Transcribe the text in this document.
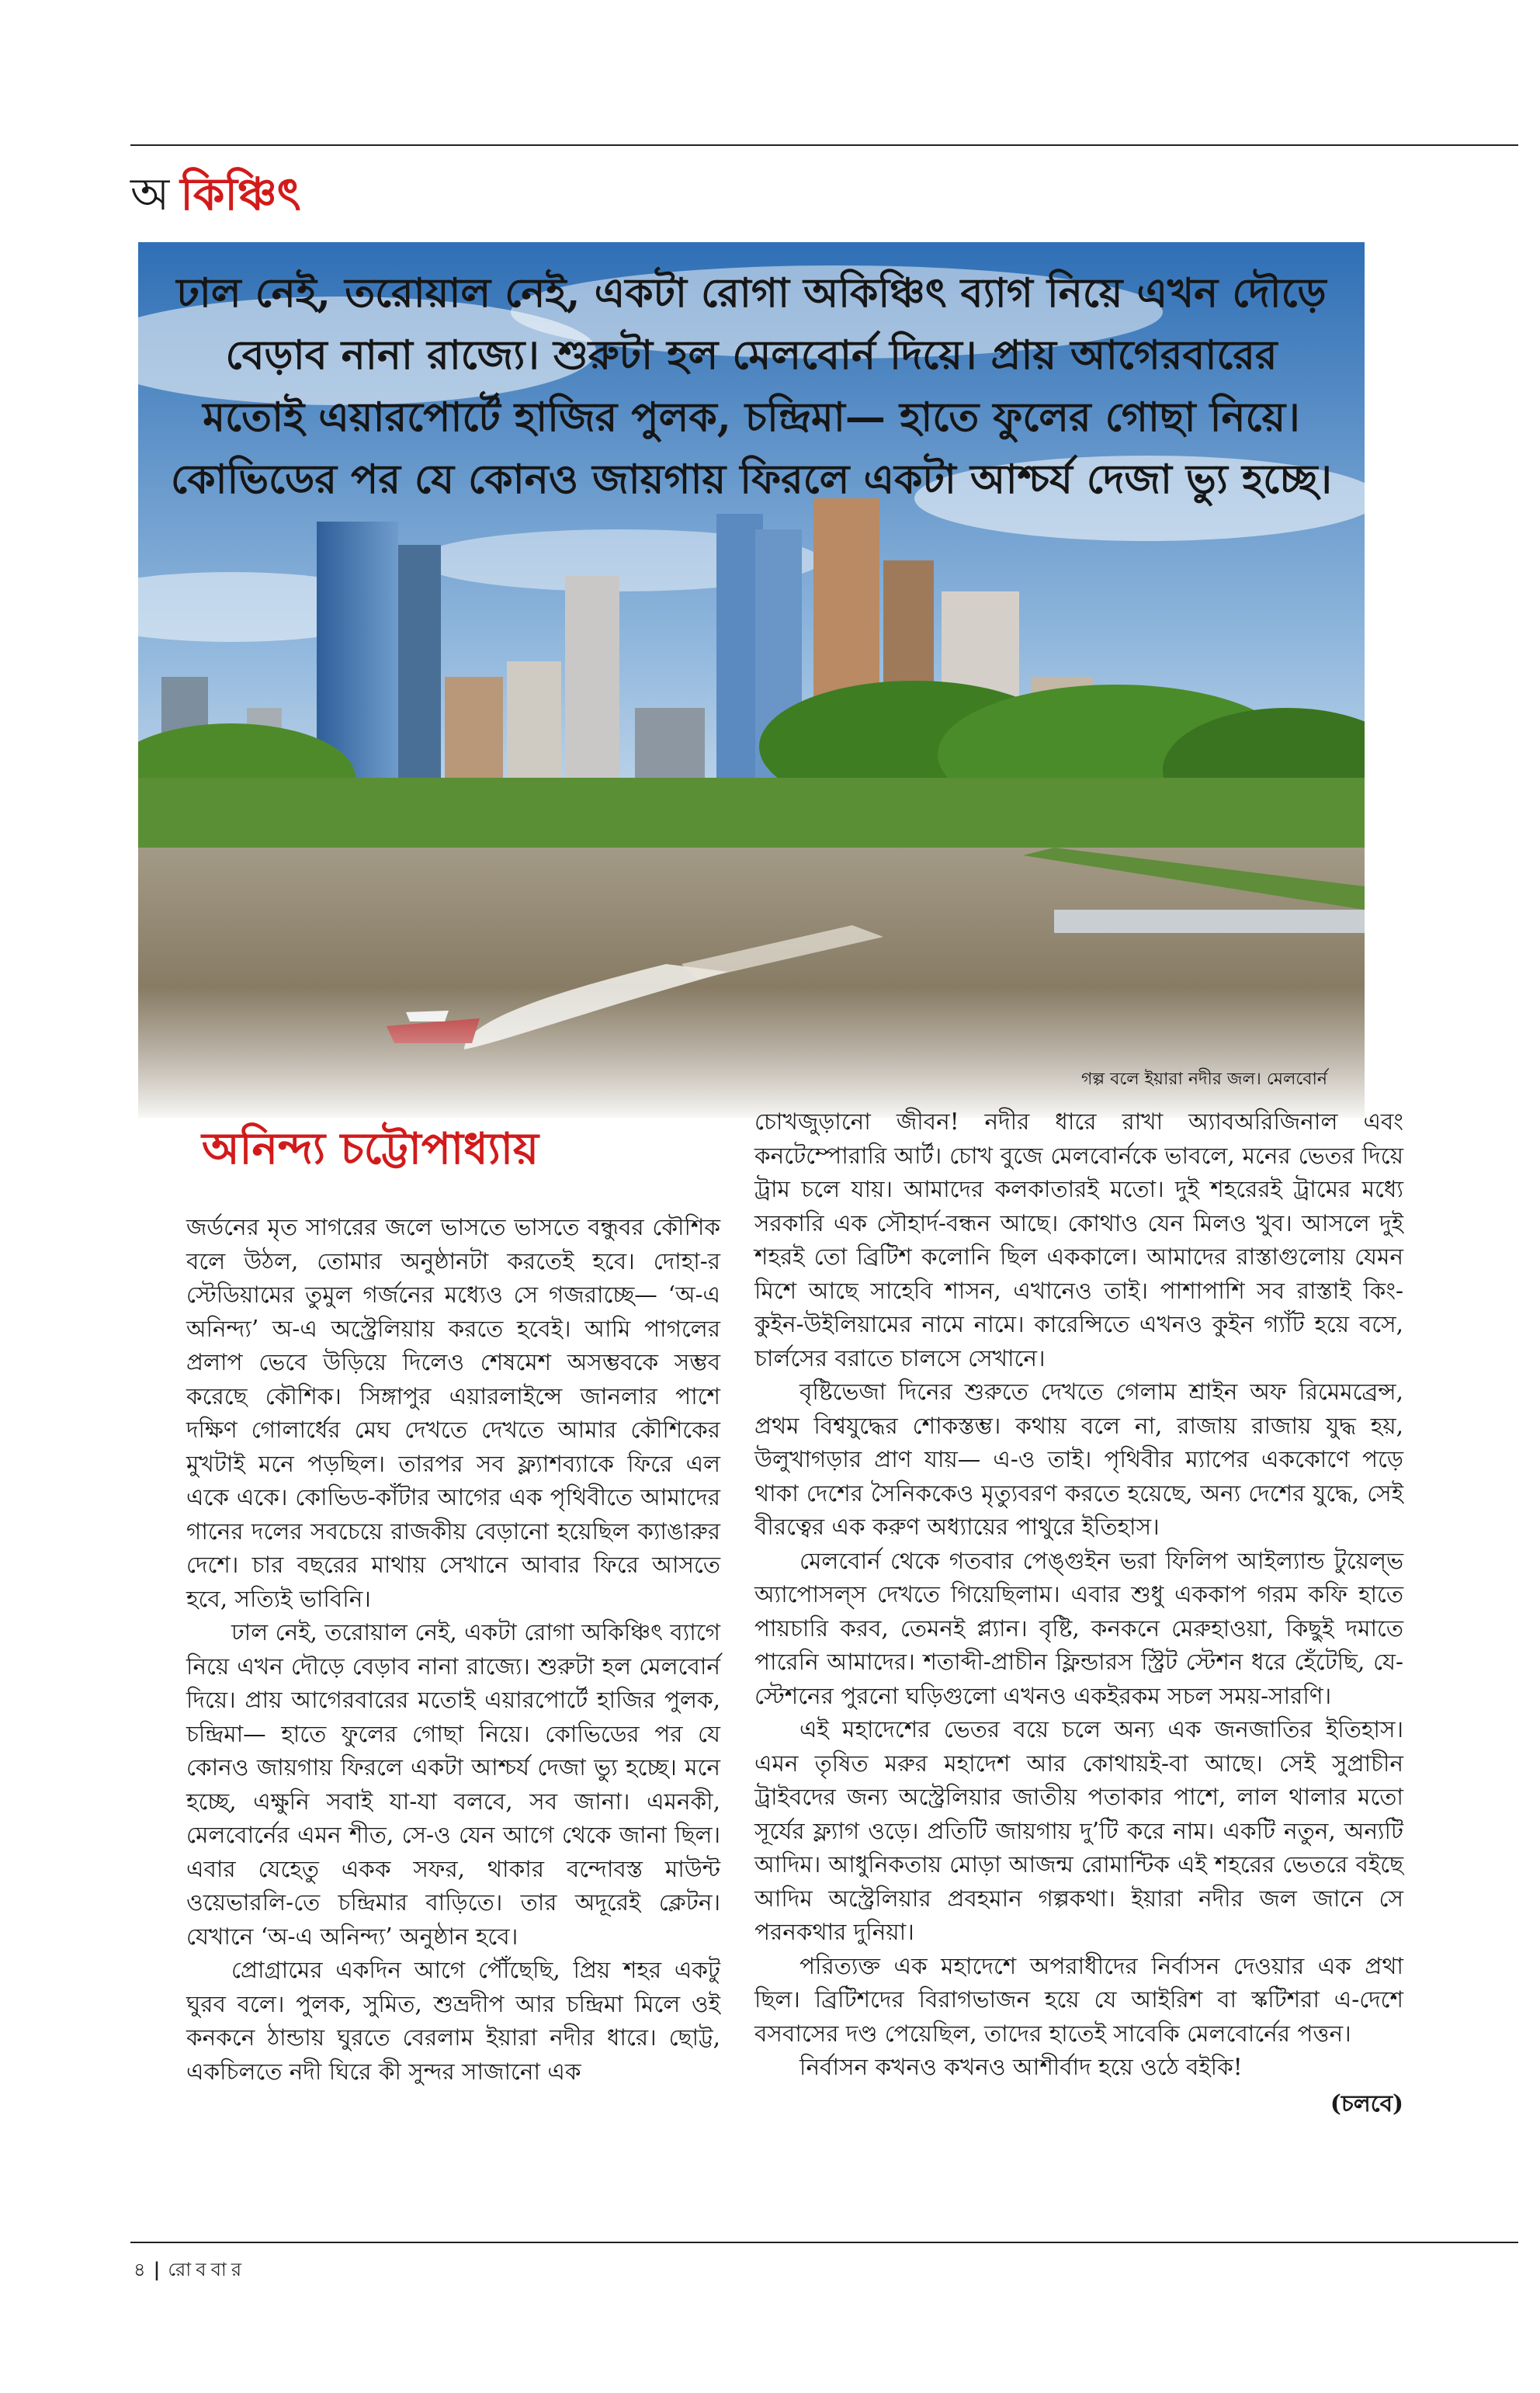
অ কিঞ্চিৎ

ঢাল নেই, তরোয়াল নেই, একটা রোগা অকিঞ্চিৎ ব্যাগ নিয়ে এখন দৌড়ে বেড়াব নানা রাজ্যে। শুরুটা হল মেলবোর্ন দিয়ে। প্রায় আগেরবারের মতোই এয়ারপোর্টে হাজির পুলক, চন্দ্রিমা— হাতে ফুলের গোছা নিয়ে। কোভিডের পর যে কোনও জায়গায় ফিরলে একটা আশ্চর্য দেজা ভ্যু হচ্ছে।

গল্প বলে ইয়ারা নদীর জল। মেলবোর্ন
অনিন্দ্য চট্টোপাধ্যায়

জর্ডনের মৃত সাগরের জলে ভাসতে ভাসতে বন্ধুবর কৌশিক বলে উঠল, তোমার অনুষ্ঠানটা করতেই হবে। দোহা-র স্টেডিয়ামের তুমুল গর্জনের মধ্যেও সে গজরাচ্ছে— ‘অ-এ অনিন্দ্য’ অ-এ অস্ট্রেলিয়ায় করতে হবেই। আমি পাগলের প্রলাপ ভেবে উড়িয়ে দিলেও শেষমেশ অসম্ভবকে সম্ভব করেছে কৌশিক। সিঙ্গাপুর এয়ারলাইন্সে জানলার পাশে দক্ষিণ গোলার্ধের মেঘ দেখতে দেখতে আমার কৌশিকের মুখটাই মনে পড়ছিল। তারপর সব ফ্ল্যাশব্যাকে ফিরে এল একে একে। কোভিড-কাঁটার আগের এক পৃথিবীতে আমাদের গানের দলের সবচেয়ে রাজকীয় বেড়ানো হয়েছিল ক্যাঙারুর দেশে। চার বছরের মাথায় সেখানে আবার ফিরে আসতে হবে, সত্যিই ভাবিনি।

ঢাল নেই, তরোয়াল নেই, একটা রোগা অকিঞ্চিৎ ব্যাগে নিয়ে এখন দৌড়ে বেড়াব নানা রাজ্যে। শুরুটা হল মেলবোর্ন দিয়ে। প্রায় আগেরবারের মতোই এয়ারপোর্টে হাজির পুলক, চন্দ্রিমা— হাতে ফুলের গোছা নিয়ে। কোভিডের পর যে কোনও জায়গায় ফিরলে একটা আশ্চর্য দেজা ভ্যু হচ্ছে। মনে হচ্ছে, এক্ষুনি সবাই যা-যা বলবে, সব জানা। এমনকী, মেলবোর্নের এমন শীত, সে-ও যেন আগে থেকে জানা ছিল। এবার যেহেতু একক সফর, থাকার বন্দোবস্ত মাউন্ট ওয়েভারলি-তে চন্দ্রিমার বাড়িতে। তার অদূরেই ক্লেটন। যেখানে ‘অ-এ অনিন্দ্য’ অনুষ্ঠান হবে।

প্রোগ্রামের একদিন আগে পৌঁছেছি, প্রিয় শহর একটু ঘুরব বলে। পুলক, সুমিত, শুভ্রদীপ আর চন্দ্রিমা মিলে ওই কনকনে ঠান্ডায় ঘুরতে বেরলাম ইয়ারা নদীর ধারে। ছোট্ট, একচিলতে নদী ঘিরে কী সুন্দর সাজানো এক

চোখজুড়ানো জীবন! নদীর ধারে রাখা অ্যাবঅরিজিনাল এবং কনটেম্পোরারি আর্ট। চোখ বুজে মেলবোর্নকে ভাবলে, মনের ভেতর দিয়ে ট্রাম চলে যায়। আমাদের কলকাতারই মতো। দুই শহরেরই ট্রামের মধ্যে সরকারি এক সৌহার্দ-বন্ধন আছে। কোথাও যেন মিলও খুব। আসলে দুই শহরই তো ব্রিটিশ কলোনি ছিল এককালে। আমাদের রাস্তাগুলোয় যেমন মিশে আছে সাহেবি শাসন, এখানেও তাই। পাশাপাশি সব রাস্তাই কিং-কুইন-উইলিয়ামের নামে নামে। কারেন্সিতে এখনও কুইন গ্যাঁট হয়ে বসে, চার্লসের বরাতে চালসে সেখানে।

বৃষ্টিভেজা দিনের শুরুতে দেখতে গেলাম শ্রাইন অফ রিমেমব্রেন্স, প্রথম বিশ্বযুদ্ধের শোকস্তম্ভ। কথায় বলে না, রাজায় রাজায় যুদ্ধ হয়, উলুখাগড়ার প্রাণ যায়— এ-ও তাই। পৃথিবীর ম্যাপের এককোণে পড়ে থাকা দেশের সৈনিককেও মৃত্যুবরণ করতে হয়েছে, অন্য দেশের যুদ্ধে, সেই বীরত্বের এক করুণ অধ্যায়ের পাথুরে ইতিহাস।

মেলবোর্ন থেকে গতবার পেঙ্গুইন ভরা ফিলিপ আইল্যান্ড টুয়েল্ভ অ্যাপোসল্‌স দেখতে গিয়েছিলাম। এবার শুধু এককাপ গরম কফি হাতে পায়চারি করব, তেমনই প্ল্যান। বৃষ্টি, কনকনে মেরুহাওয়া, কিছুই দমাতে পারেনি আমাদের। শতাব্দী-প্রাচীন ফ্লিন্ডারস স্ট্রিট স্টেশন ধরে হেঁটেছি, যে-স্টেশনের পুরনো ঘড়িগুলো এখনও একইরকম সচল সময়-সারণি।

এই মহাদেশের ভেতর বয়ে চলে অন্য এক জনজাতির ইতিহাস। এমন তৃষিত মরুর মহাদেশ আর কোথায়ই-বা আছে। সেই সুপ্রাচীন ট্রাইবদের জন্য অস্ট্রেলিয়ার জাতীয় পতাকার পাশে, লাল থালার মতো সূর্যের ফ্ল্যাগ ওড়ে। প্রতিটি জায়গায় দু’টি করে নাম। একটি নতুন, অন্যটি আদিম। আধুনিকতায় মোড়া আজন্ম রোমান্টিক এই শহরের ভেতরে বইছে আদিম অস্ট্রেলিয়ার প্রবহমান গল্পকথা। ইয়ারা নদীর জল জানে সে পরনকথার দুনিয়া।

পরিত্যক্ত এক মহাদেশে অপরাধীদের নির্বাসন দেওয়ার এক প্রথা ছিল। ব্রিটিশদের বিরাগভাজন হয়ে যে আইরিশ বা স্কটিশরা এ-দেশে বসবাসের দণ্ড পেয়েছিল, তাদের হাতেই সাবেকি মেলবোর্নের পত্তন।

নির্বাসন কখনও কখনও আশীর্বাদ হয়ে ওঠে বইকি!

(চলবে)

৪ | রোববার
